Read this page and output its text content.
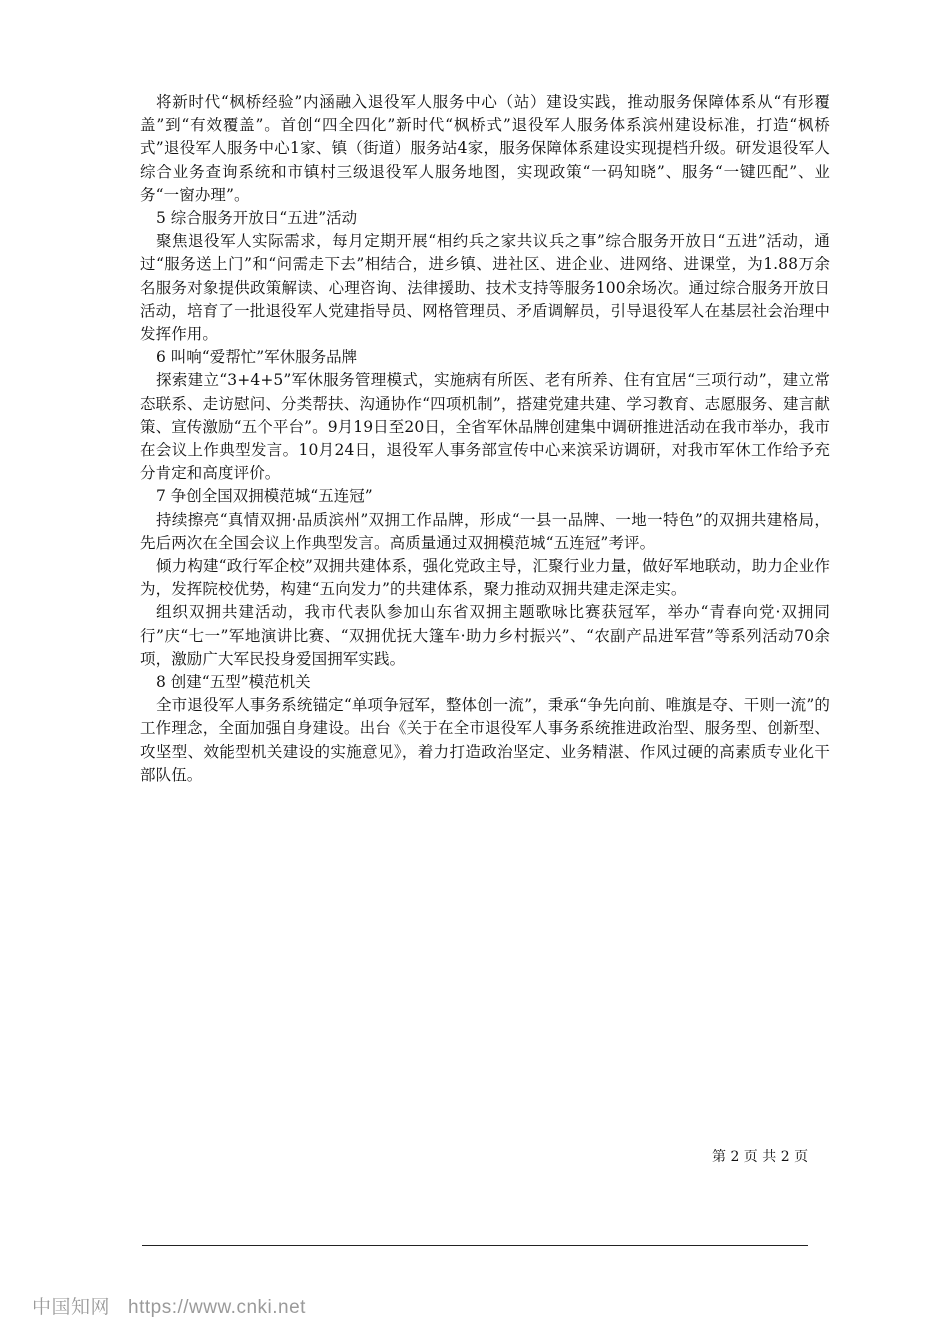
将新时代“枫桥经验”内涵融入退役军人服务中心（站）建设实践，推动服务保障体系从“有形覆盖”到“有效覆盖”。首创“四全四化”新时代“枫桥式”退役军人服务体系滨州建设标准，打造“枫桥式”退役军人服务中心1家、镇（街道）服务站4家，服务保障体系建设实现提档升级。研发退役军人综合业务查询系统和市镇村三级退役军人服务地图，实现政策“一码知晓”、服务“一键匹配”、业务“一窗办理”。

5 综合服务开放日“五进”活动

聚焦退役军人实际需求，每月定期开展“相约兵之家共议兵之事”综合服务开放日“五进”活动，通过“服务送上门”和“问需走下去”相结合，进乡镇、进社区、进企业、进网络、进课堂，为1.88万余名服务对象提供政策解读、心理咨询、法律援助、技术支持等服务100余场次。通过综合服务开放日活动，培育了一批退役军人党建指导员、网格管理员、矛盾调解员，引导退役军人在基层社会治理中发挥作用。

6 叫响“爱帮忙”军休服务品牌

探索建立“3+4+5”军休服务管理模式，实施病有所医、老有所养、住有宜居“三项行动”，建立常态联系、走访慰问、分类帮扶、沟通协作“四项机制”，搭建党建共建、学习教育、志愿服务、建言献策、宣传激励“五个平台”。9月19日至20日，全省军休品牌创建集中调研推进活动在我市举办，我市在会议上作典型发言。10月24日，退役军人事务部宣传中心来滨采访调研，对我市军休工作给予充分肯定和高度评价。

7 争创全国双拥模范城“五连冠”

持续擦亮“真情双拥·品质滨州”双拥工作品牌，形成“一县一品牌、一地一特色”的双拥共建格局，先后两次在全国会议上作典型发言。高质量通过双拥模范城“五连冠”考评。

倾力构建“政行军企校”双拥共建体系，强化党政主导，汇聚行业力量，做好军地联动，助力企业作为，发挥院校优势，构建“五向发力”的共建体系，聚力推动双拥共建走深走实。

组织双拥共建活动，我市代表队参加山东省双拥主题歌咏比赛获冠军，举办“青春向党·双拥同行”庆“七一”军地演讲比赛、“双拥优抚大篷车·助力乡村振兴”、“农副产品进军营”等系列活动70余项，激励广大军民投身爱国拥军实践。

8 创建“五型”模范机关

全市退役军人事务系统锚定“单项争冠军，整体创一流”，秉承“争先向前、唯旗是夺、干则一流”的工作理念，全面加强自身建设。出台《关于在全市退役军人事务系统推进政治型、服务型、创新型、攻坚型、效能型机关建设的实施意见》，着力打造政治坚定、业务精湛、作风过硬的高素质专业化干部队伍。

第 2 页 共 2 页
中国知网 https://www.cnki.net
